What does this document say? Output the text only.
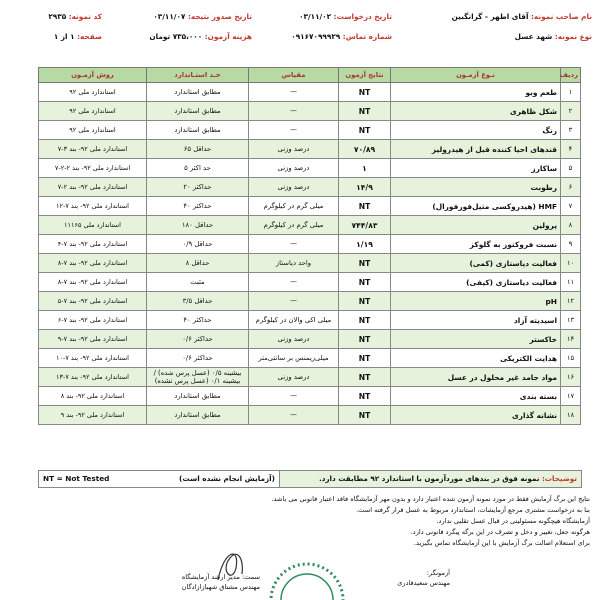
نام صاحب نمونه: آقای اطهر - گرانگبین
تاریخ درخواست: ۰۳/۱۱/۰۲
تاریخ صدور نتیجه: ۰۳/۱۱/۰۷
کد نمونه: ۲۹۳۵
نوع نمونه: شهد عسل
شماره تماس: ۰۹۱۶۷۰۹۹۹۲۹
هزینه آزمون: ۷۳۵،۰۰۰ تومان
صفحه: ۱ از ۱
ردیف	نـوع آزمـون	نتایج آزمون	مقیاس	حـد استـاندارد	روش آزمـون
۱	طعم وبو	NT	—	مطابق استاندارد	استاندارد ملی ۹۲
۲	شکل ظاهری	NT	—	مطابق استاندارد	استاندارد ملی ۹۲
۳	رنگ	NT	—	مطابق استاندارد	استاندارد ملی ۹۲
۴	قندهای احیا کننده قبل از هیدرولیز	۷۰/۸۹	درصد وزنی	حداقل ۶۵	استاندارد ملی ۹۲- بند ۳-۷
۵	ساکارز	۱	درصد وزنی	حد اکثر ۵	استاندارد ملی ۹۲- بند ۲-۲-۷
۶	رطوبت	۱۴/۹	درصد وزنی	حداکثر ۲۰	استاندارد ملی ۹۲- بند ۲-۷
۷	HMF (هیدروکسی متیل‌فورفورال)	NT	میلی گرم در کیلوگرم	حداکثر ۴۰	استاندارد ملی ۹۲- بند ۷-۱۲
۸	پرولین	۷۴۴/۸۳	میلی گرم در کیلوگرم	حداقل ۱۸۰	استاندارد ملی ۱۱۱۶۵
۹	نسبت فروکتوز به گلوکز	۱/۱۹	—	حداقل ۰/۹	استاندارد ملی ۹۲- بند ۷-۴
۱۰	فعالیت دیاستازی (کمی)	NT	واحد دیاستاز	حداقل ۸	استاندارد ملی ۹۲- بند ۷-۸
۱۱	فعالیت دیاستازی (کیفی)	NT	—	مثبت	استاندارد ملی ۹۲- بند ۷-۸
۱۲	pH	NT	—	حداقل ۳/۵	استاندارد ملی ۹۲- بند ۷-۵
۱۳	اسیدیته آزاد	NT	میلی اکی والان در کیلوگرم	حداکثر ۴۰	استاندارد ملی ۹۲- بند ۷-۶
۱۴	خاکستر	NT	درصد وزنی	حداکثر ۰/۶	استاندارد ملی ۹۲- بند ۷-۹
۱۵	هدایت الکتریکی	NT	میلی‌زیمنس بر سانتی‌متر	حداکثر ۰/۶	استاندارد ملی ۹۲- بند ۷-۱۰
۱۶	مواد جامد غیر محلول در عسل	NT	درصد وزنی	بیشینه ۰/۵ (عسل پرس شده) / بیشینه ۰/۱ (عسل پرس نشده)	استاندارد ملی ۹۲- بند ۷-۱۳
۱۷	بسته بندی	NT	—	مطابق استاندارد	استاندارد ملی ۹۲- بند ۸
۱۸	نشانه گذاری	NT	—	مطابق استاندارد	استاندارد ملی ۹۲- بند ۹
توضیحات: نمونه فوق در بندهای موردآزمون با استاندارد ۹۲ مطابقت دارد.
NT = Not Tested	(آزمایش انجام نشده است)
نتایج این برگ آزمایش فقط در مورد نمونه آزمون شده اعتبار دارد و بدون مهر آزمایشگاه فاقد اعتبار قانونی می باشد.
بنا به درخواست مشتری مرجع آزمایشات، استاندارد مربوط به عسل قرار گرفته است.
آزمایشگاه هیچگونه مسئولیتی در قبال عسل تقلبی ندارد.
هرگونه جعل، تغییر و دخل و تصرف در این برگه پیگرد قانونی دارد.
برای استعلام اصالت برگ آزمایش با این آزمایشگاه تماس بگیرید.
آزمونگر:
مهندس سعیدقادری
سمت: مدیر ارشد آزمایشگاه
مهندس مشتاق شهبازازادگان
